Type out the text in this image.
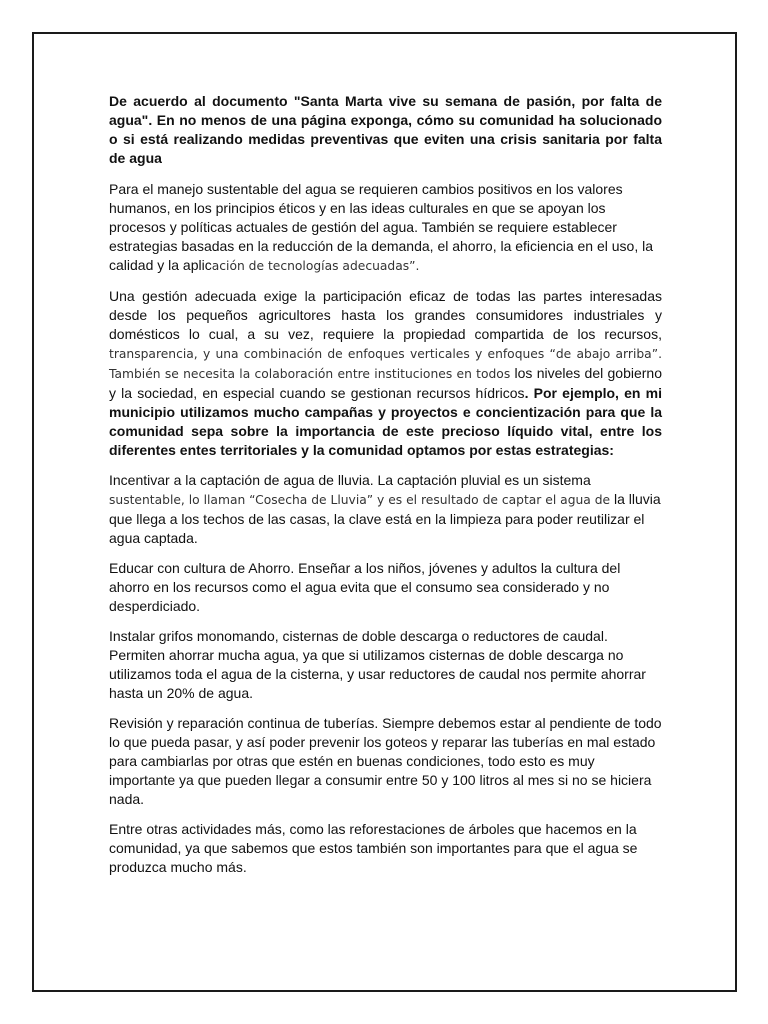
De acuerdo al documento "Santa Marta vive su semana de pasión, por falta de agua". En no menos de una página exponga, cómo su comunidad ha solucionado o si está realizando medidas preventivas que eviten una crisis sanitaria por falta de agua

Para el manejo sustentable del agua se requieren cambios positivos en los valores humanos, en los principios éticos y en las ideas culturales en que se apoyan los procesos y políticas actuales de gestión del agua. También se requiere establecer estrategias basadas en la reducción de la demanda, el ahorro, la eficiencia en el uso, la calidad y la aplicación de tecnologías adecuadas”.

Una gestión adecuada exige la participación eficaz de todas las partes interesadas desde los pequeños agricultores hasta los grandes consumidores industriales y domésticos lo cual, a su vez, requiere la propiedad compartida de los recursos, transparencia, y una combinación de enfoques verticales y enfoques “de abajo arriba”. También se necesita la colaboración entre instituciones en todos los niveles del gobierno y la sociedad, en especial cuando se gestionan recursos hídricos. Por ejemplo, en mi municipio utilizamos mucho campañas y proyectos e concientización para que la comunidad sepa sobre la importancia de este precioso líquido vital, entre los diferentes entes territoriales y la comunidad optamos por estas estrategias:

Incentivar a la captación de agua de lluvia. La captación pluvial es un sistema sustentable, lo llaman “Cosecha de Lluvia” y es el resultado de captar el agua de la lluvia que llega a los techos de las casas, la clave está en la limpieza para poder reutilizar el agua captada.

Educar con cultura de Ahorro. Enseñar a los niños, jóvenes y adultos la cultura del ahorro en los recursos como el agua evita que el consumo sea considerado y no desperdiciado.

Instalar grifos monomando, cisternas de doble descarga o reductores de caudal. Permiten ahorrar mucha agua, ya que si utilizamos cisternas de doble descarga no utilizamos toda el agua de la cisterna, y usar reductores de caudal nos permite ahorrar hasta un 20% de agua.

Revisión y reparación continua de tuberías. Siempre debemos estar al pendiente de todo lo que pueda pasar, y así poder prevenir los goteos y reparar las tuberías en mal estado para cambiarlas por otras que estén en buenas condiciones, todo esto es muy importante ya que pueden llegar a consumir entre 50 y 100 litros al mes si no se hiciera nada.

Entre otras actividades más, como las reforestaciones de árboles que hacemos en la comunidad, ya que sabemos que estos también son importantes para que el agua se produzca mucho más.
